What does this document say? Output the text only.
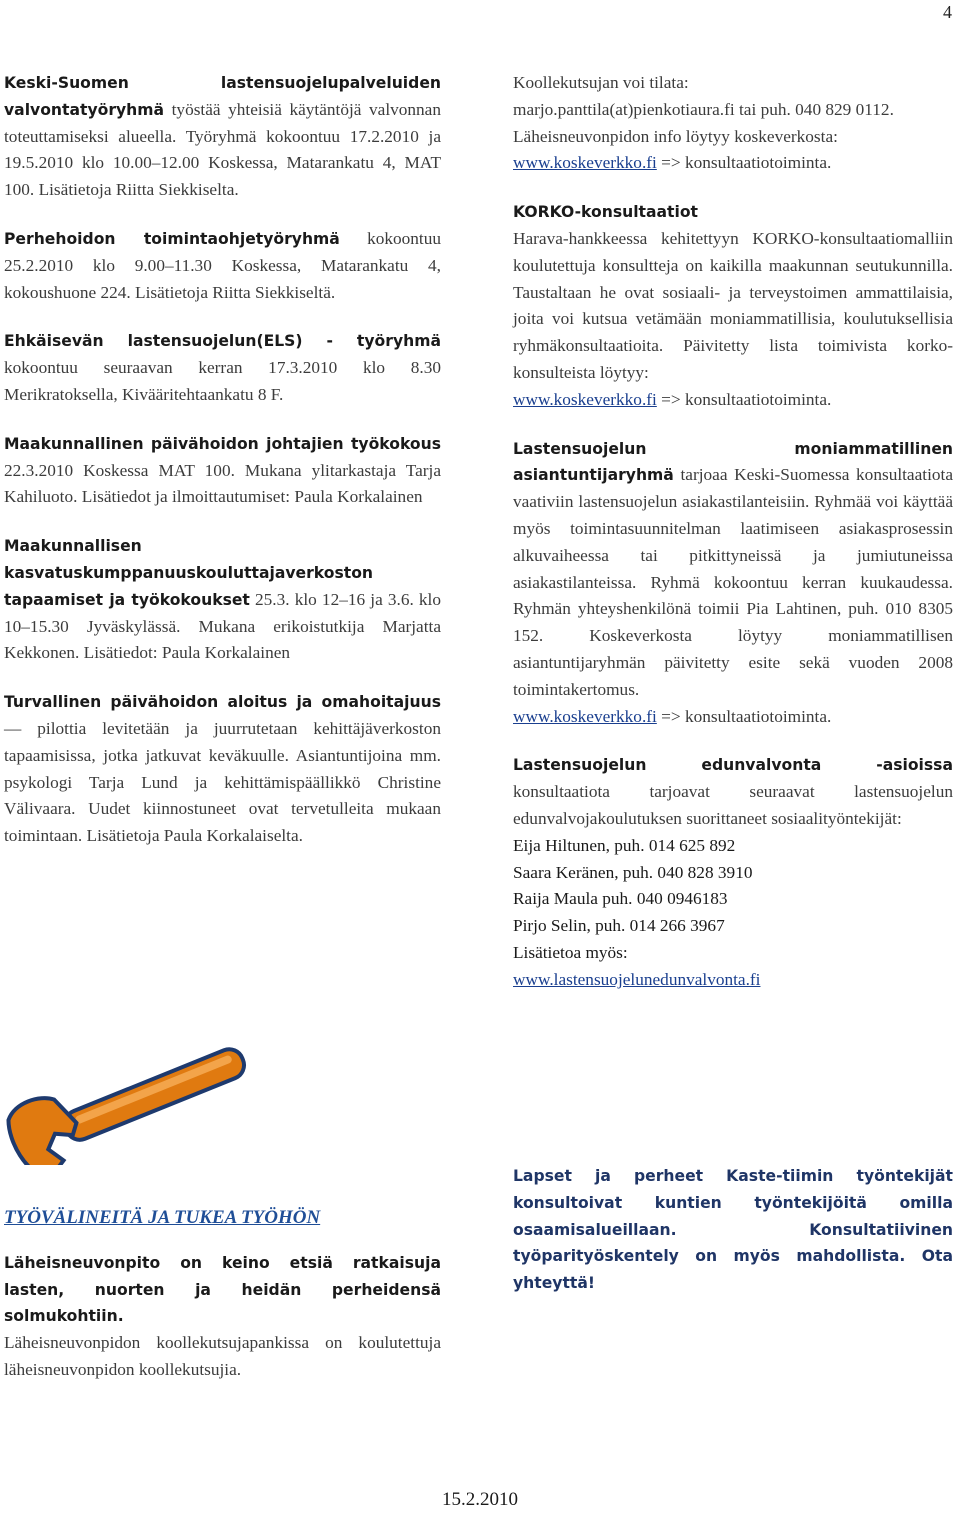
4

Keski-Suomen lastensuojelupalveluiden valvontatyöryhmä työstää yhteisiä käytäntöjä valvonnan toteuttamiseksi alueella. Työryhmä kokoontuu 17.2.2010 ja 19.5.2010 klo 10.00–12.00 Koskessa, Matarankatu 4, MAT 100. Lisätietoja Riitta Siekkiselta.

Perhehoidon toimintaohjetyöryhmä kokoontuu 25.2.2010 klo 9.00–11.30 Koskessa, Matarankatu 4, kokoushuone 224. Lisätietoja Riitta Siekkiseltä.

Ehkäisevän lastensuojelun(ELS) - työryhmä kokoontuu seuraavan kerran 17.3.2010 klo 8.30 Merikratoksella, Kivääritehtaankatu 8 F.

Maakunnallinen päivähoidon johtajien työkokous 22.3.2010 Koskessa MAT 100. Mukana ylitarkastaja Tarja Kahiluoto. Lisätiedot ja ilmoittautumiset: Paula Korkalainen

Maakunnallisen kasvatuskumppanuuskouluttajaverkoston tapaamiset ja työkokoukset 25.3. klo 12–16 ja 3.6. klo 10–15.30 Jyväskylässä. Mukana erikoistutkija Marjatta Kekkonen. Lisätiedot: Paula Korkalainen

Turvallinen päivähoidon aloitus ja omahoitajuus — pilottia levitetään ja juurrutetaan kehittäjäverkoston tapaamisissa, jotka jatkuvat keväkuulle. Asiantuntijoina mm. psykologi Tarja Lund ja kehittämispäällikkö Christine Välivaara. Uudet kiinnostuneet ovat tervetulleita mukaan toimintaan. Lisätietoja Paula Korkalaiselta.

TYÖVÄLINEITÄ JA TUKEA TYÖHÖN

Läheisneuvonpito on keino etsiä ratkaisuja lasten, nuorten ja heidän perheidensä solmukohtiin.
Läheisneuvonpidon koollekutsujapankissa on koulutettuja läheisneuvonpidon koollekutsujia.

Koollekutsujan voi tilata:
marjo.panttila(at)pienkotiaura.fi tai puh. 040 829 0112.
Läheisneuvonpidon info löytyy koskeverkosta:
www.koskeverkko.fi => konsultaatiotoiminta.

KORKO-konsultaatiot
Harava-hankkeessa kehitettyyn KORKO-konsultaatiomalliin koulutettuja konsultteja on kaikilla maakunnan seutukunnilla. Taustaltaan he ovat sosiaali- ja terveystoimen ammattilaisia, joita voi kutsua vetämään moniammatillisia, koulutuksellisia ryhmäkonsultaatioita. Päivitetty lista toimivista korko-konsulteista löytyy:
www.koskeverkko.fi => konsultaatiotoiminta.

Lastensuojelun moniammatillinen asiantuntijaryhmä tarjoaa Keski-Suomessa konsultaatiota vaativiin lastensuojelun asiakastilanteisiin. Ryhmää voi käyttää myös toimintasuunnitelman laatimiseen asiakasprosessin alkuvaiheessa tai pitkittyneissä ja jumiutuneissa asiakastilanteissa. Ryhmä kokoontuu kerran kuukaudessa. Ryhmän yhteyshenkilönä toimii Pia Lahtinen, puh. 010 8305 152. Koskeverkosta löytyy moniammatillisen asiantuntijaryhmän päivitetty esite sekä vuoden 2008 toimintakertomus.
www.koskeverkko.fi => konsultaatiotoiminta.

Lastensuojelun edunvalvonta -asioissa konsultaatiota tarjoavat seuraavat lastensuojelun edunvalvojakoulutuksen suorittaneet sosiaalityöntekijät:
Eija Hiltunen, puh. 014 625 892
Saara Keränen, puh. 040 828 3910
Raija Maula puh. 040 0946183
Pirjo Selin, puh. 014 266 3967
Lisätietoa myös:
www.lastensuojelunedunvalvonta.fi
Lapset ja perheet Kaste-tiimin työntekijät konsultoivat kuntien työntekijöitä omilla osaamisalueillaan. Konsultatiivinen työparityöskentely on myös mahdollista. Ota yhteyttä!
15.2.2010
